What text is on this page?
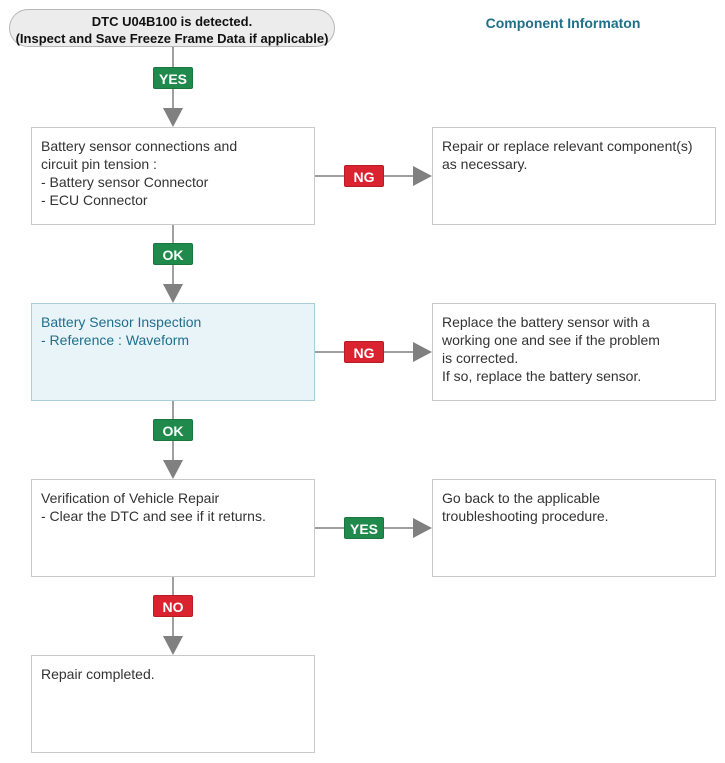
DTC U04B100 is detected.
(Inspect and Save Freeze Frame Data if applicable)
Component Informaton
Battery sensor connections and
circuit pin tension :
- Battery sensor Connector
- ECU Connector
Battery Sensor Inspection
- Reference : Waveform
Verification of Vehicle Repair
- Clear the DTC and see if it returns.
Repair completed.
Repair or replace relevant component(s)
as necessary.
Replace the battery sensor with a
working one and see if the problem
is corrected.
If so, replace the battery sensor.
Go back to the applicable
troubleshooting procedure.
YES
OK
NG
OK
NG
YES
NO
